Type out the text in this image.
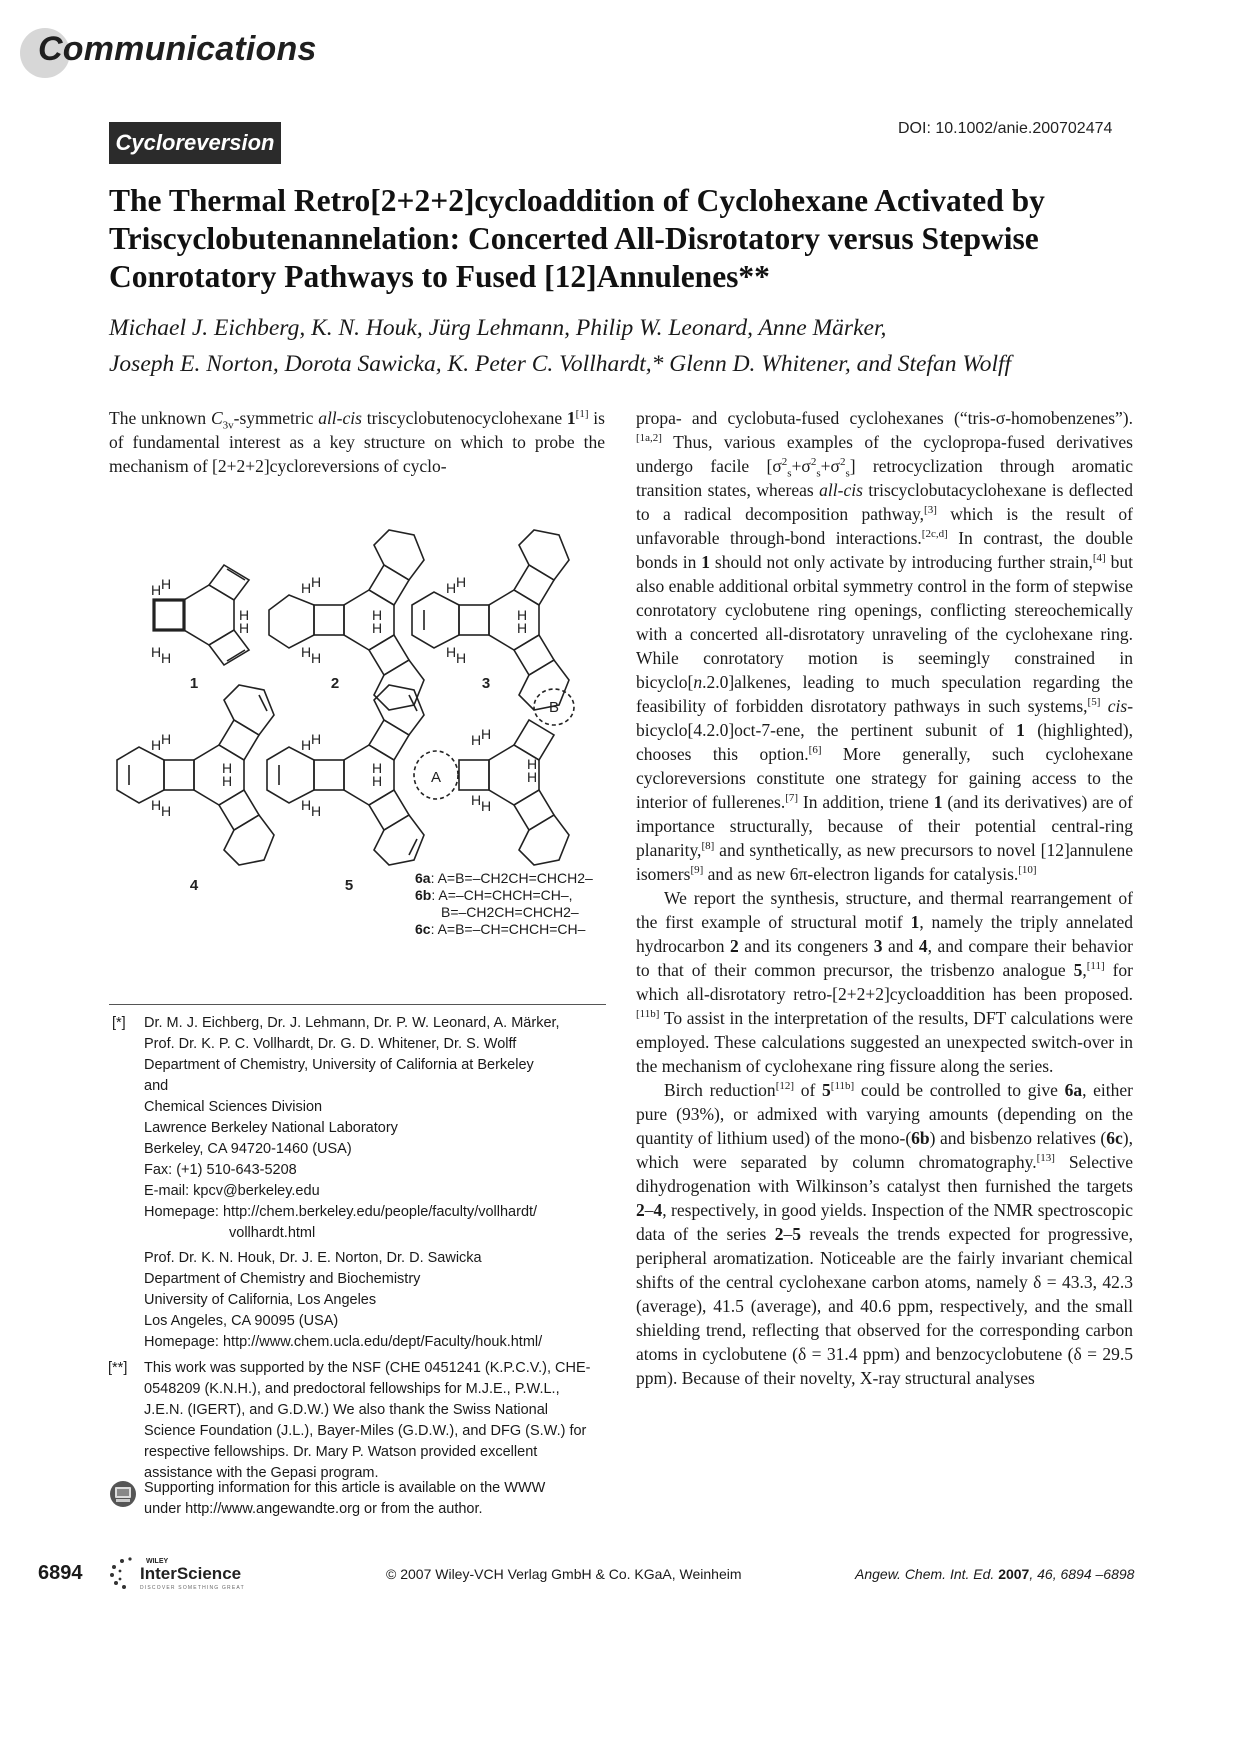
Communications
Cycloreversion
DOI: 10.1002/anie.200702474
The Thermal Retro[2+2+2]cycloaddition of Cyclohexane Activated by
Triscyclobutenannelation: Concerted All-Disrotatory versus Stepwise
Conrotatory Pathways to Fused [12]Annulenes**
Michael J. Eichberg, K. N. Houk, Jürg Lehmann, Philip W. Leonard, Anne Märker,
Joseph E. Norton, Dorota Sawicka, K. Peter C. Vollhardt,* Glenn D. Whitener, and Stefan Wolff

The unknown $C_{3v}$-symmetric all-cis triscyclobutenocyclohexane 1[1] is of fundamental interest as a key structure on which to probe the mechanism of [2+2+2]cycloreversions of cyclo-

H H
H
H
H H
H H
H
H
H H
H H
H
H
H H
H H
H
H
H H
H H
H
H
H H
H H
H
H
H H
A
B
1	2	3
4	5	6a: A=B=–CH2CH=CHCH2–
6b: A=–CH=CHCH=CH–,
B=–CH2CH=CHCH2–
6c: A=B=–CH=CHCH=CH–
[*] Dr. M. J. Eichberg, Dr. J. Lehmann, Dr. P. W. Leonard, A. Märker,
Prof. Dr. K. P. C. Vollhardt, Dr. G. D. Whitener, Dr. S. Wolff
Department of Chemistry, University of California at Berkeley
and
Chemical Sciences Division
Lawrence Berkeley National Laboratory
Berkeley, CA 94720-1460 (USA)
Fax: (+1) 510-643-5208
E-mail: kpcv@berkeley.edu
Homepage: http://chem.berkeley.edu/people/faculty/vollhardt/
vollhardt.html
Prof. Dr. K. N. Houk, Dr. J. E. Norton, Dr. D. Sawicka
Department of Chemistry and Biochemistry
University of California, Los Angeles
Los Angeles, CA 90095 (USA)
Homepage: http://www.chem.ucla.edu/dept/Faculty/houk.html/
[**] This work was supported by the NSF (CHE 0451241 (K.P.C.V.), CHE-
0548209 (K.N.H.), and predoctoral fellowships for M.J.E., P.W.L.,
J.E.N. (IGERT), and G.D.W.) We also thank the Swiss National
Science Foundation (J.L.), Bayer-Miles (G.D.W.), and DFG (S.W.) for
respective fellowships. Dr. Mary P. Watson provided excellent
assistance with the Gepasi program.
Supporting information for this article is available on the WWW
under http://www.angewandte.org or from the author.

propa- and cyclobuta-fused cyclohexanes (“tris-σ-homobenzenes”).[1a,2] Thus, various examples of the cyclopropa-fused derivatives undergo facile $[\sigma^2_s+\sigma^2_s+\sigma^2_s]$ retrocyclization through aromatic transition states, whereas all-cis triscyclobutacyclohexane is deflected to a radical decomposition pathway,[3] which is the result of unfavorable through-bond interactions.[2c,d] In contrast, the double bonds in 1 should not only activate by introducing further strain,[4] but also enable additional orbital symmetry control in the form of stepwise conrotatory cyclobutene ring openings, conflicting stereochemically with a concerted all-disrotatory unraveling of the cyclohexane ring. While conrotatory motion is seemingly constrained in bicyclo[n.2.0]alkenes, leading to much speculation regarding the feasibility of forbidden disrotatory pathways in such systems,[5] cis-bicyclo[4.2.0]oct-7-ene, the pertinent subunit of 1 (highlighted), chooses this option.[6] More generally, such cyclohexane cycloreversions constitute one strategy for gaining access to the interior of fullerenes.[7] In addition, triene 1 (and its derivatives) are of importance structurally, because of their potential central-ring planarity,[8] and synthetically, as new precursors to novel [12]annulene isomers[9] and as new 6π-electron ligands for catalysis.[10]

We report the synthesis, structure, and thermal rearrangement of the first example of structural motif 1, namely the triply annelated hydrocarbon 2 and its congeners 3 and 4, and compare their behavior to that of their common precursor, the trisbenzo analogue 5,[11] for which all-disrotatory retro-[2+2+2]cycloaddition has been proposed.[11b] To assist in the interpretation of the results, DFT calculations were employed. These calculations suggested an unexpected switch-over in the mechanism of cyclohexane ring fissure along the series.

Birch reduction[12] of 5[11b] could be controlled to give 6a, either pure (93%), or admixed with varying amounts (depending on the quantity of lithium used) of the mono-(6b) and bisbenzo relatives (6c), which were separated by column chromatography.[13] Selective dihydrogenation with Wilkinson’s catalyst then furnished the targets 2–4, respectively, in good yields. Inspection of the NMR spectroscopic data of the series 2–5 reveals the trends expected for progressive, peripheral aromatization. Noticeable are the fairly invariant chemical shifts of the central cyclohexane carbon atoms, namely δ = 43.3, 42.3 (average), 41.5 (average), and 40.6 ppm, respectively, and the small shielding trend, reflecting that observed for the corresponding carbon atoms in cyclobutene (δ = 31.4 ppm) and benzocyclobutene (δ = 29.5 ppm). Because of their novelty, X-ray structural analyses

6894
WILEY
InterScience
DISCOVER SOMETHING GREAT
© 2007 Wiley-VCH Verlag GmbH & Co. KGaA, Weinheim	Angew. Chem. Int. Ed. 2007, 46, 6894 –6898
